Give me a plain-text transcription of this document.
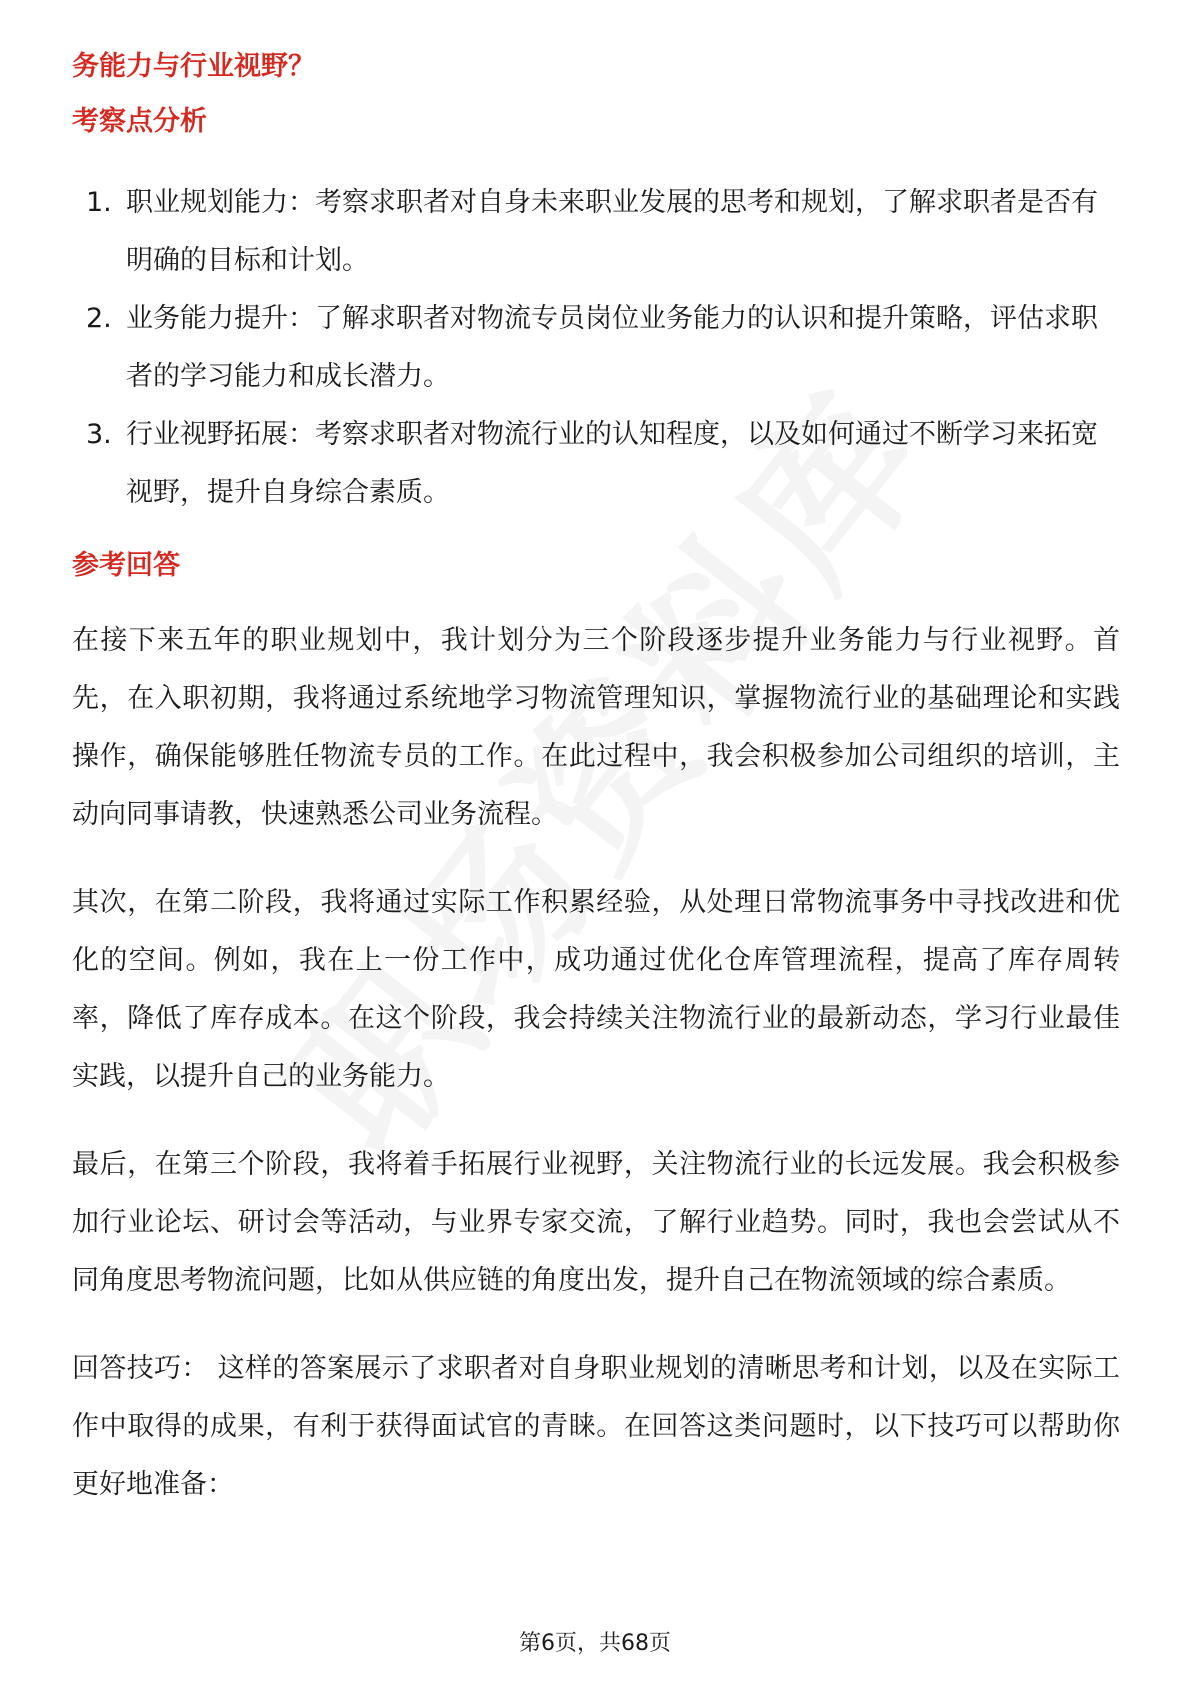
务能力与行业视野？
考察点分析
1. 职业规划能力：考察求职者对自身未来职业发展的思考和规划，了解求职者是否有明确的目标和计划。
2. 业务能力提升：了解求职者对物流专员岗位业务能力的认识和提升策略，评估求职者的学习能力和成长潜力。
3. 行业视野拓展：考察求职者对物流行业的认知程度，以及如何通过不断学习来拓宽视野，提升自身综合素质。
参考回答

在接下来五年的职业规划中，我计划分为三个阶段逐步提升业务能力与行业视野。首先，在入职初期，我将通过系统地学习物流管理知识，掌握物流行业的基础理论和实践操作，确保能够胜任物流专员的工作。在此过程中，我会积极参加公司组织的培训，主动向同事请教，快速熟悉公司业务流程。

其次，在第二阶段，我将通过实际工作积累经验，从处理日常物流事务中寻找改进和优化的空间。例如，我在上一份工作中，成功通过优化仓库管理流程，提高了库存周转率，降低了库存成本。在这个阶段，我会持续关注物流行业的最新动态，学习行业最佳实践，以提升自己的业务能力。

最后，在第三个阶段，我将着手拓展行业视野，关注物流行业的长远发展。我会积极参加行业论坛、研讨会等活动，与业界专家交流，了解行业趋势。同时，我也会尝试从不同角度思考物流问题，比如从供应链的角度出发，提升自己在物流领域的综合素质。

回答技巧： 这样的答案展示了求职者对自身职业规划的清晰思考和计划，以及在实际工作中取得的成果，有利于获得面试官的青睐。在回答这类问题时，以下技巧可以帮助你更好地准备：

第6页，共68页
